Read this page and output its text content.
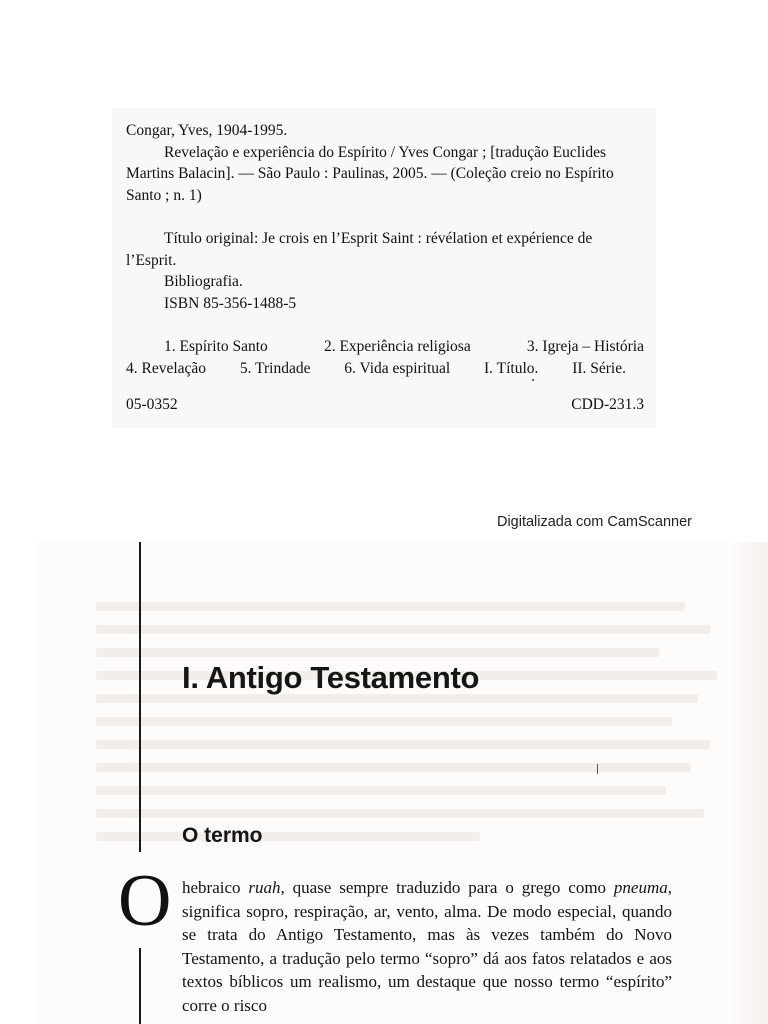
Congar, Yves, 1904-1995.

Revelação e experiência do Espírito / Yves Congar ; [tradução Euclides Martins Balacin]. — São Paulo : Paulinas, 2005. — (Coleção creio no Espírito Santo ; n. 1)

Título original: Je crois en l’Esprit Saint : révélation et expérience de l’Esprit.

Bibliografia.

ISBN 85-356-1488-5

1. Espírito Santo	2. Experiência religiosa	3. Igreja – História
4. Revelação 5. Trindade 6. Vida espiritual I. Título. II. Série.
05-0352	CDD-231.3
Digitalizada com CamScanner
I. Antigo Testamento
O termo
O hebraico ruah, quase sempre traduzido para o grego como pneuma, significa sopro, respiração, ar, vento, alma. De modo especial, quando se trata do Antigo Testamento, mas às vezes também do Novo Testamento, a tradução pelo termo “sopro” dá aos fatos relatados e aos textos bíblicos um realismo, um destaque que nosso termo “espírito” corre o risco
